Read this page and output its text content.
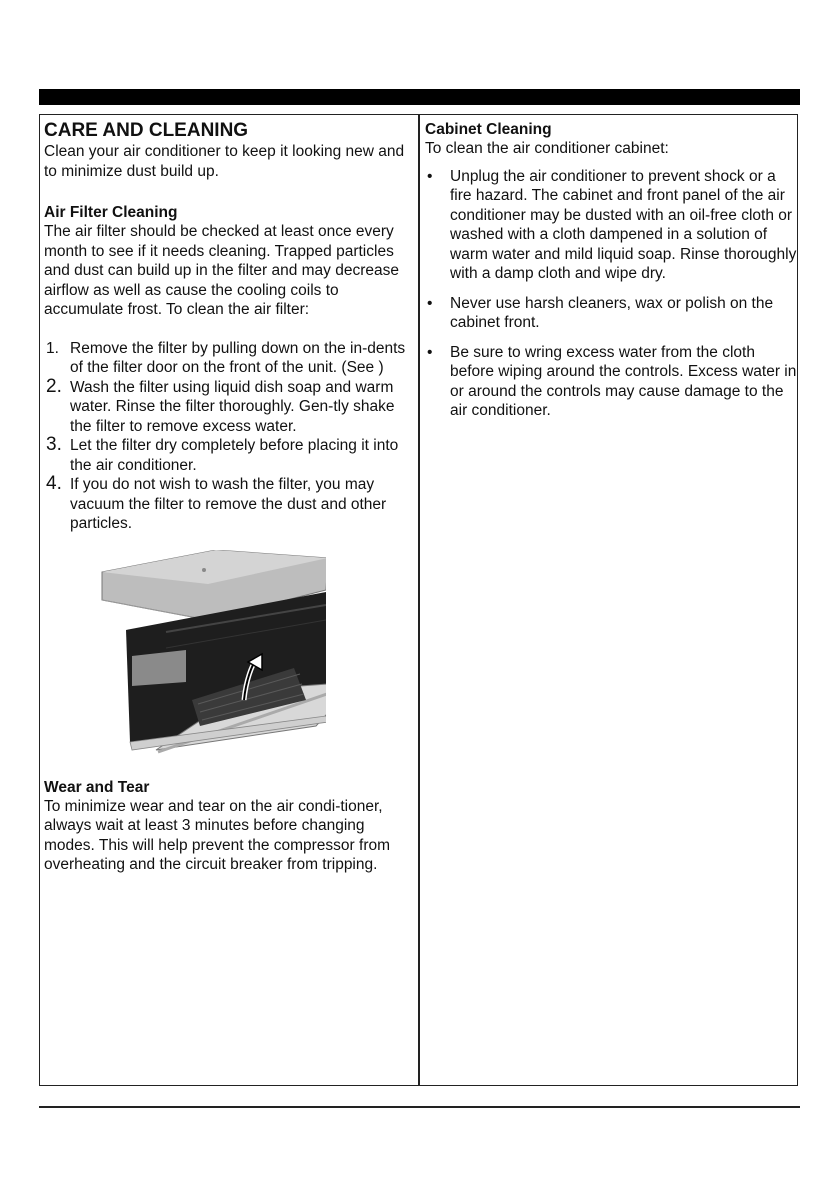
CARE AND CLEANING

Clean your air conditioner to keep it looking new and to minimize dust build up.

Air Filter Cleaning

The air filter should be checked at least once every month to see if it needs cleaning. Trapped particles and dust can build up in the filter and may decrease airflow as well as cause the cooling coils to accumulate frost. To clean the air filter:

1. Remove the filter by pulling down on the in-dents of the filter door on the front of the unit. (See )
2. Wash the filter using liquid dish soap and warm water. Rinse the filter thoroughly. Gen-tly shake the filter to remove excess water.
3. Let the filter dry completely before placing it into the air conditioner.
4. If you do not wish to wash the filter, you may vacuum the filter to remove the dust and other particles.
Wear and Tear

To minimize wear and tear on the air condi-tioner, always wait at least 3 minutes before changing modes. This will help prevent the compressor from overheating and the circuit breaker from tripping.

Cabinet Cleaning

To clean the air conditioner cabinet:

• Unplug the air conditioner to prevent shock or a fire hazard. The cabinet and front panel of the air conditioner may be dusted with an oil-free cloth or washed with a cloth dampened in a solution of warm water and mild liquid soap. Rinse thoroughly with a damp cloth and wipe dry.
• Never use harsh cleaners, wax or polish on the cabinet front.
• Be sure to wring excess water from the cloth before wiping around the controls. Excess water in or around the controls may cause damage to the air conditioner.
